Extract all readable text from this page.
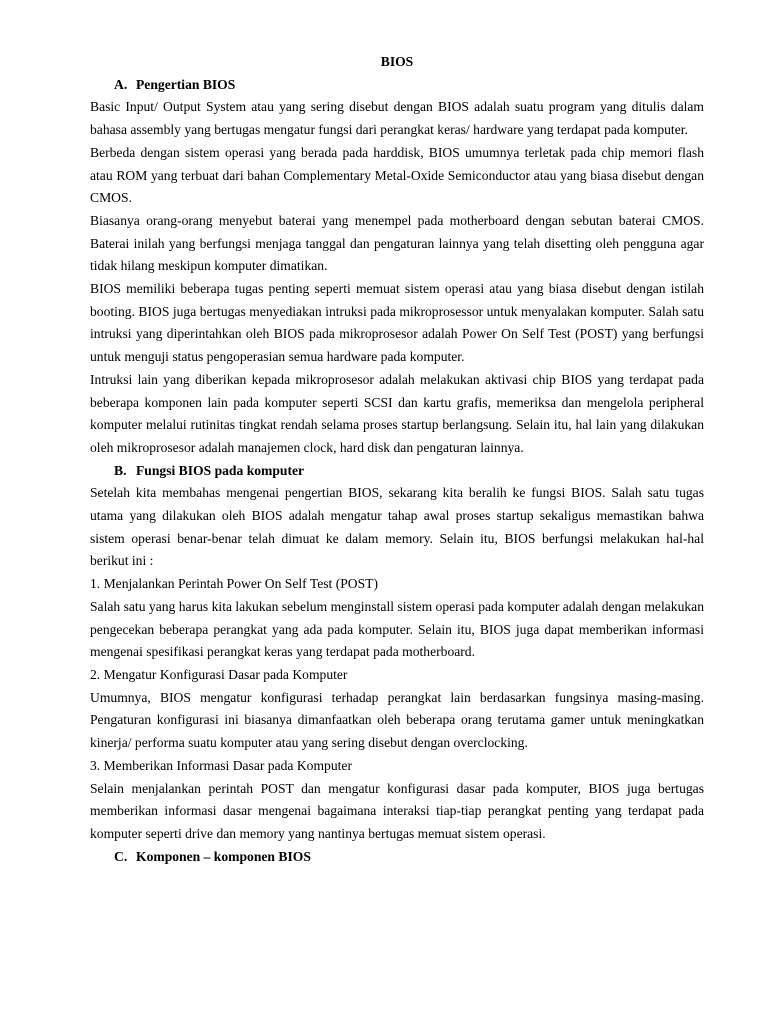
BIOS

A. Pengertian BIOS

Basic Input/ Output System atau yang sering disebut dengan BIOS adalah suatu program yang ditulis dalam bahasa assembly yang bertugas mengatur fungsi dari perangkat keras/ hardware yang terdapat pada komputer.

Berbeda dengan sistem operasi yang berada pada harddisk, BIOS umumnya terletak pada chip memori flash atau ROM yang terbuat dari bahan Complementary Metal-Oxide Semiconductor atau yang biasa disebut dengan CMOS.

Biasanya orang-orang menyebut baterai yang menempel pada motherboard dengan sebutan baterai CMOS. Baterai inilah yang berfungsi menjaga tanggal dan pengaturan lainnya yang telah disetting oleh pengguna agar tidak hilang meskipun komputer dimatikan.

BIOS memiliki beberapa tugas penting seperti memuat sistem operasi atau yang biasa disebut dengan istilah booting. BIOS juga bertugas menyediakan intruksi pada mikroprosessor untuk menyalakan komputer. Salah satu intruksi yang diperintahkan oleh BIOS pada mikroprosesor adalah Power On Self Test (POST) yang berfungsi untuk menguji status pengoperasian semua hardware pada komputer.

Intruksi lain yang diberikan kepada mikroprosesor adalah melakukan aktivasi chip BIOS yang terdapat pada beberapa komponen lain pada komputer seperti SCSI dan kartu grafis, memeriksa dan mengelola peripheral komputer melalui rutinitas tingkat rendah selama proses startup berlangsung. Selain itu, hal lain yang dilakukan oleh mikroprosesor adalah manajemen clock, hard disk dan pengaturan lainnya.

B. Fungsi BIOS pada komputer

Setelah kita membahas mengenai pengertian BIOS, sekarang kita beralih ke fungsi BIOS. Salah satu tugas utama yang dilakukan oleh BIOS adalah mengatur tahap awal proses startup sekaligus memastikan bahwa sistem operasi benar-benar telah dimuat ke dalam memory. Selain itu, BIOS berfungsi melakukan hal-hal berikut ini :

1. Menjalankan Perintah Power On Self Test (POST)

Salah satu yang harus kita lakukan sebelum menginstall sistem operasi pada komputer adalah dengan melakukan pengecekan beberapa perangkat yang ada pada komputer. Selain itu, BIOS juga dapat memberikan informasi mengenai spesifikasi perangkat keras yang terdapat pada motherboard.

2. Mengatur Konfigurasi Dasar pada Komputer

Umumnya, BIOS mengatur konfigurasi terhadap perangkat lain berdasarkan fungsinya masing-masing. Pengaturan konfigurasi ini biasanya dimanfaatkan oleh beberapa orang terutama gamer untuk meningkatkan kinerja/ performa suatu komputer atau yang sering disebut dengan overclocking.

3. Memberikan Informasi Dasar pada Komputer

Selain menjalankan perintah POST dan mengatur konfigurasi dasar pada komputer, BIOS juga bertugas memberikan informasi dasar mengenai bagaimana interaksi tiap-tiap perangkat penting yang terdapat pada komputer seperti drive dan memory yang nantinya bertugas memuat sistem operasi.

C. Komponen – komponen BIOS
